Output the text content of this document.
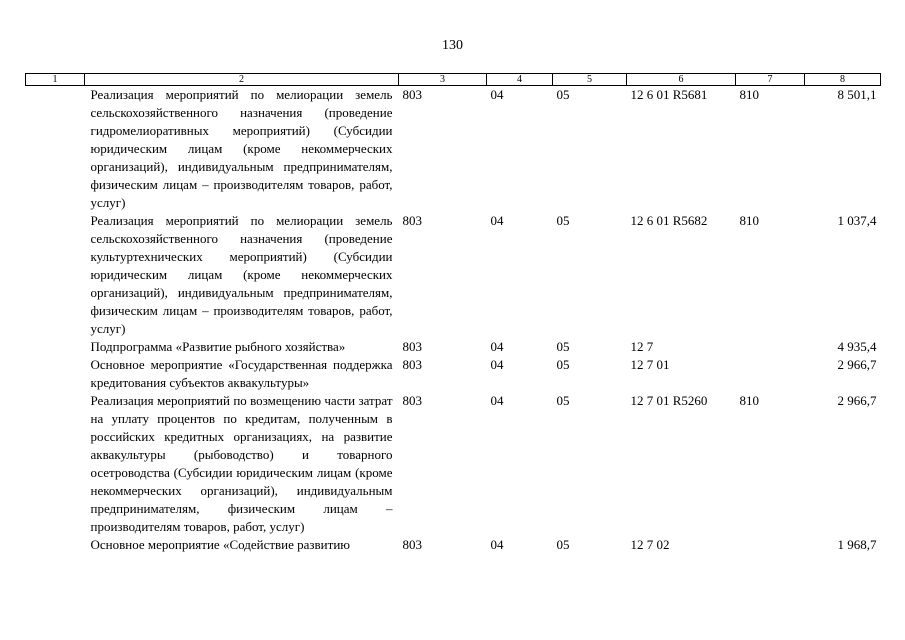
130
1	2	3	4	5	6	7	8
	Реализация мероприятий по мелиорации земель сельскохозяйственного назначения (проведение гидромелиоративных мероприятий) (Субсидии юридическим лицам (кроме некоммерческих организаций), индивидуальным предпринимателям, физическим лицам – производителям товаров, работ, услуг)	803	04	05	12 6 01 R5681	810	8 501,1
	Реализация мероприятий по мелиорации земель сельскохозяйственного назначения (проведение культуртехнических мероприятий) (Субсидии юридическим лицам (кроме некоммерческих организаций), индивидуальным предпринимателям, физическим лицам – производителям товаров, работ, услуг)	803	04	05	12 6 01 R5682	810	1 037,4
	Подпрограмма «Развитие рыбного хозяйства»	803	04	05	12 7		4 935,4
	Основное мероприятие «Государственная поддержка кредитования субъектов аквакультуры»	803	04	05	12 7 01		2 966,7
	Реализация мероприятий по возмещению части затрат на уплату процентов по кредитам, полученным в российских кредитных организациях, на развитие аквакультуры (рыбоводство) и товарного осетроводства (Субсидии юридическим лицам (кроме некоммерческих организаций), индивидуальным предпринимателям, физическим лицам – производителям товаров, работ, услуг)	803	04	05	12 7 01 R5260	810	2 966,7
	Основное мероприятие «Содействие развитию	803	04	05	12 7 02		1 968,7
